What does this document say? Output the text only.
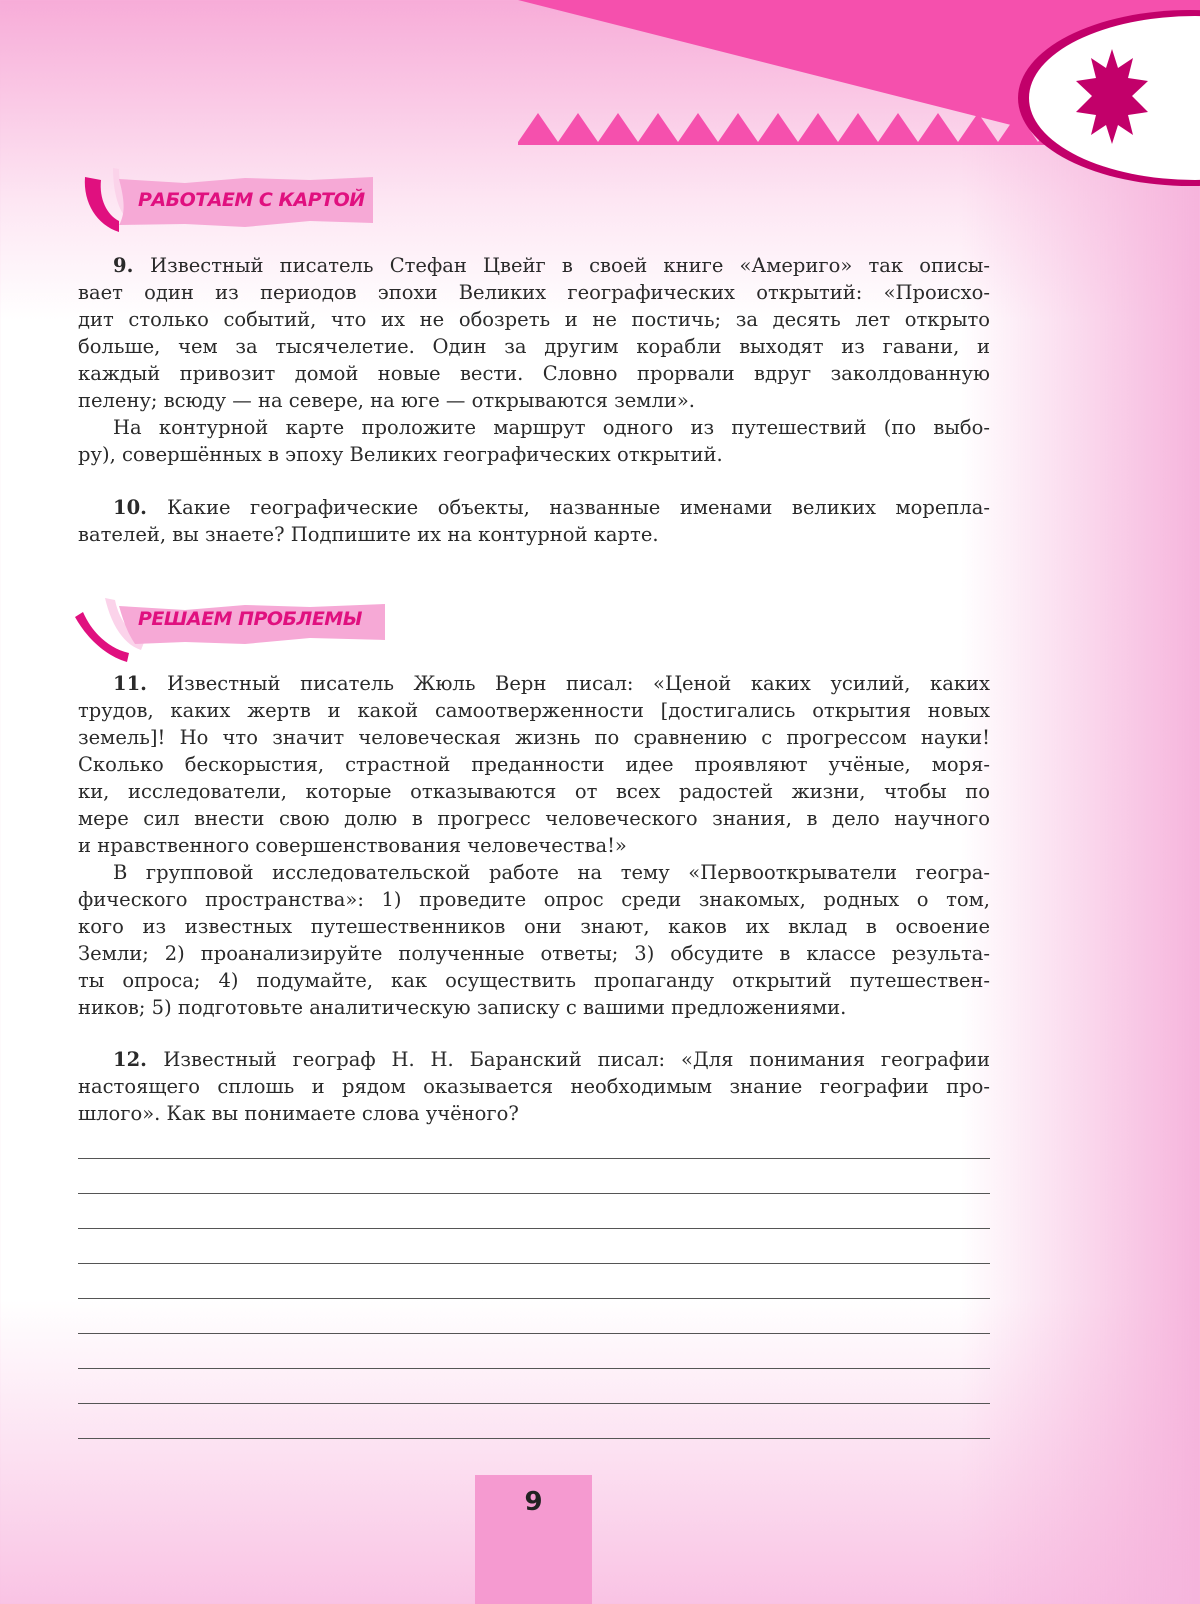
РАБОТАЕМ С КАРТОЙ
РЕШАЕМ ПРОБЛЕМЫ
9. Известный писатель Стефан Цвейг в своей книге «Америго» так описы-
вает один из периодов эпохи Великих географических открытий: «Происхо-
дит столько событий, что их не обозреть и не постичь; за десять лет открыто
больше, чем за тысячелетие. Один за другим корабли выходят из гавани, и
каждый привозит домой новые вести. Словно прорвали вдруг заколдованную
пелену; всюду — на севере, на юге — открываются земли».
На контурной карте проложите маршрут одного из путешествий (по выбо-
ру), совершённых в эпоху Великих географических открытий.
10. Какие географические объекты, названные именами великих морепла-
вателей, вы знаете? Подпишите их на контурной карте.
11. Известный писатель Жюль Верн писал: «Ценой каких усилий, каких
трудов, каких жертв и какой самоотверженности [достигались открытия новых
земель]! Но что значит человеческая жизнь по сравнению с прогрессом науки!
Сколько бескорыстия, страстной преданности идее проявляют учёные, моря-
ки, исследователи, которые отказываются от всех радостей жизни, чтобы по
мере сил внести свою долю в прогресс человеческого знания, в дело научного
и нравственного совершенствования человечества!»
В групповой исследовательской работе на тему «Первооткрыватели геогра-
фического пространства»: 1) проведите опрос среди знакомых, родных о том,
кого из известных путешественников они знают, каков их вклад в освоение
Земли; 2) проанализируйте полученные ответы; 3) обсудите в классе результа-
ты опроса; 4) подумайте, как осуществить пропаганду открытий путешествен-
ников; 5) подготовьте аналитическую записку с вашими предложениями.
12. Известный географ Н. Н. Баранский писал: «Для понимания географии
настоящего сплошь и рядом оказывается необходимым знание географии про-
шлого». Как вы понимаете слова учёного?
9
